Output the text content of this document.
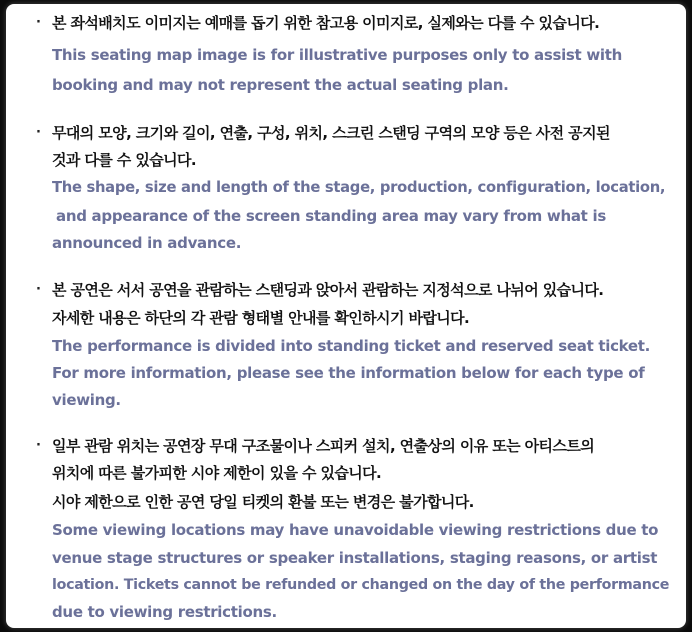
· 본 좌석배치도 이미지는 예매를 돕기 위한 참고용 이미지로, 실제와는 다를 수 있습니다.
This seating map image is for illustrative purposes only to assist with
booking and may not represent the actual seating plan.
· 무대의 모양, 크기와 길이, 연출, 구성, 위치, 스크린 스탠딩 구역의 모양 등은 사전 공지된
것과 다를 수 있습니다.
The shape, size and length of the stage, production, configuration, location,
and appearance of the screen standing area may vary from what is
announced in advance.
· 본 공연은 서서 공연을 관람하는 스탠딩과 앉아서 관람하는 지정석으로 나뉘어 있습니다.
자세한 내용은 하단의 각 관람 형태별 안내를 확인하시기 바랍니다.
The performance is divided into standing ticket and reserved seat ticket.
For more information, please see the information below for each type of
viewing.
· 일부 관람 위치는 공연장 무대 구조물이나 스피커 설치, 연출상의 이유 또는 아티스트의
위치에 따른 불가피한 시야 제한이 있을 수 있습니다.
시야 제한으로 인한 공연 당일 티켓의 환불 또는 변경은 불가합니다.
Some viewing locations may have unavoidable viewing restrictions due to
venue stage structures or speaker installations, staging reasons, or artist
location. Tickets cannot be refunded or changed on the day of the performance
due to viewing restrictions.
